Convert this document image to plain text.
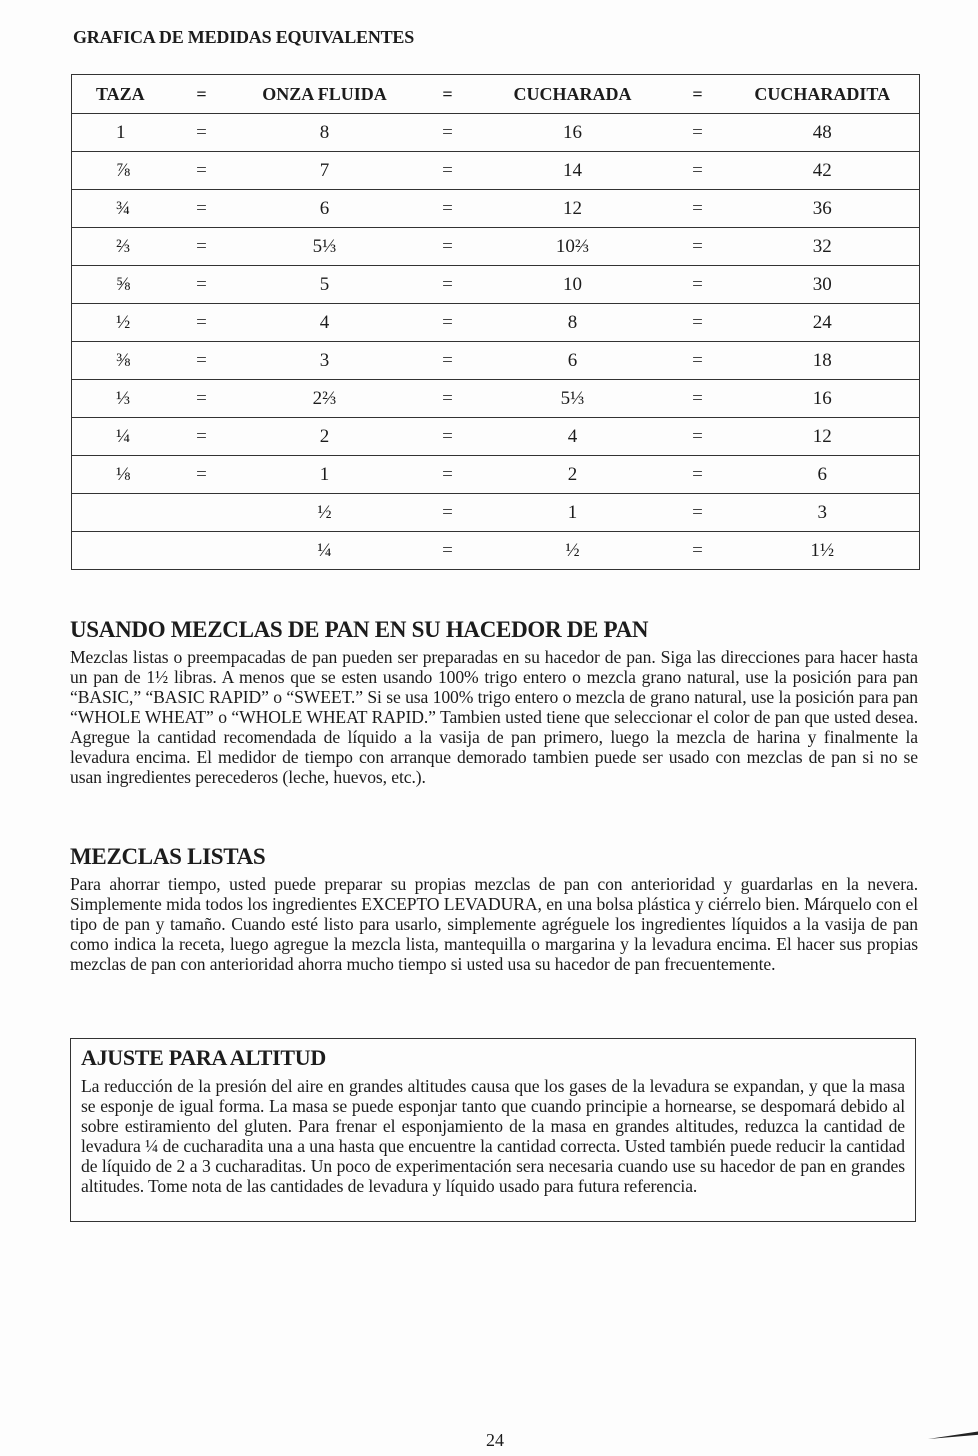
GRAFICA DE MEDIDAS EQUIVALENTES
TAZA	=	ONZA FLUIDA	=	CUCHARADA	=	CUCHARADITA
1	=	8	=	16	=	48
⅞	=	7	=	14	=	42
¾	=	6	=	12	=	36
⅔	=	5⅓	=	10⅔	=	32
⅝	=	5	=	10	=	30
½	=	4	=	8	=	24
⅜	=	3	=	6	=	18
⅓	=	2⅔	=	5⅓	=	16
¼	=	2	=	4	=	12
⅛	=	1	=	2	=	6
		½	=	1	=	3
		¼	=	½	=	1½
USANDO MEZCLAS DE PAN EN SU HACEDOR DE PAN

Mezclas listas o preempacadas de pan pueden ser preparadas en su hacedor de pan. Siga las direcciones para hacer hasta un pan de 1½ libras. A menos que se esten usando 100% trigo entero o mezcla grano natural, use la posición para pan “BASIC,” “BASIC RAPID” o “SWEET.” Si se usa 100% trigo entero o mezcla de grano natural, use la posición para pan “WHOLE WHEAT” o “WHOLE WHEAT RAPID.” Tambien usted tiene que seleccionar el color de pan que usted desea. Agregue la cantidad recomendada de líquido a la vasija de pan primero, luego la mezcla de harina y finalmente la levadura encima. El medidor de tiempo con arranque demorado tambien puede ser usado con mezclas de pan si no se usan ingredientes perecederos (leche, huevos, etc.).

MEZCLAS LISTAS

Para ahorrar tiempo, usted puede preparar su propias mezclas de pan con anterioridad y guardarlas en la nevera. Simplemente mida todos los ingredientes EXCEPTO LEVADURA, en una bolsa plástica y ciérrelo bien. Márquelo con el tipo de pan y tamaño. Cuando esté listo para usarlo, simplemente agréguele los ingredientes líquidos a la vasija de pan como indica la receta, luego agregue la mezcla lista, mantequilla o margarina y la levadura encima. El hacer sus propias mezclas de pan con anterioridad ahorra mucho tiempo si usted usa su hacedor de pan frecuentemente.

AJUSTE PARA ALTITUD

La reducción de la presión del aire en grandes altitudes causa que los gases de la levadura se expandan, y que la masa se esponje de igual forma. La masa se puede esponjar tanto que cuando principie a hornearse, se despomará debido al sobre estiramiento del gluten. Para frenar el esponjamiento de la masa en grandes altitudes, reduzca la cantidad de levadura ¼ de cucharadita una a una hasta que encuentre la cantidad correcta. Usted también puede reducir la cantidad de líquido de 2 a 3 cucharaditas. Un poco de experimentación sera necesaria cuando use su hacedor de pan en grandes altitudes. Tome nota de las cantidades de levadura y líquido usado para futura referencia.

24
